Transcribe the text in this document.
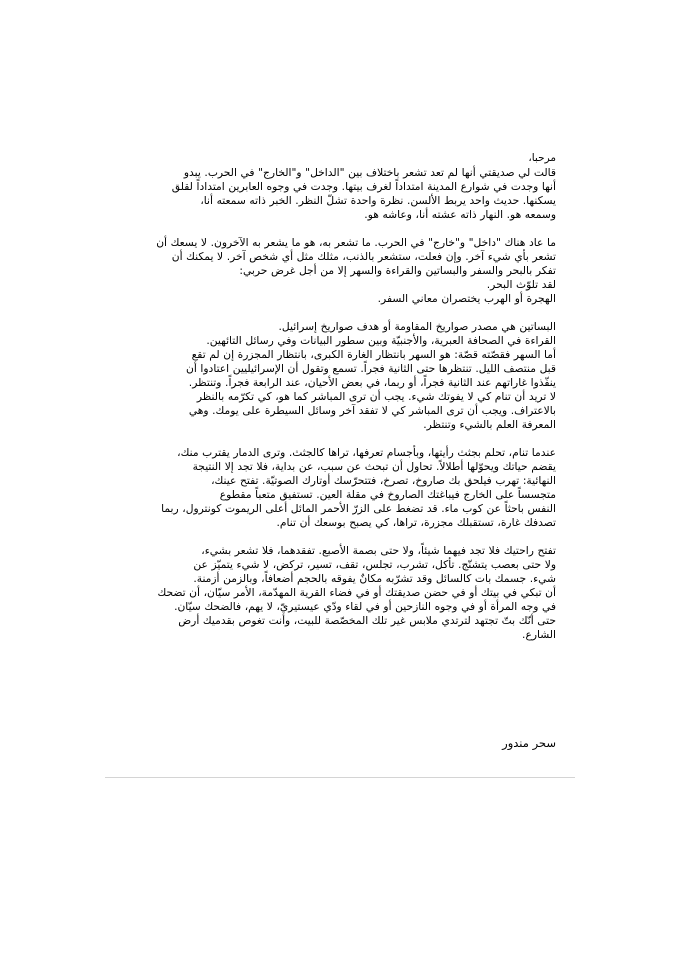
مرحبا،

قالت لي صديقتي أنها لم تعد تشعر باختلاف بين "الداخل" و"الخارج" في الحرب. يبدو
أنها وجدت في شوارع المدينة امتداداً لغرف بيتها. وجدت في وجوه العابرين امتداداً لقلق
يسكنها. حديث واحد يربط الألسن. نظرة واحدة تشلّ النظر. الخبر ذاته سمعته أنا،
وسمعه هو. النهار ذاته عشته أنا، وعاشه هو.
ما عاد هناك "داخل" و"خارج" في الحرب. ما تشعر به، هو ما يشعر به الآخرون. لا يسعك أن
تشعر بأي شيء آخر. وإن فعلت، ستشعر بالذنب، مثلك مثل أي شخص آخر. لا يمكنك أن
تفكر بالبحر والسفر والبساتين والقراءة والسهر إلا من أجل غرض حربي:
لقد تلوّث البحر.
الهجرة أو الهرب يختصران معاني السفر.
البساتين هي مصدر صواريخ المقاومة أو هدف صواريخ إسرائيل.
القراءة في الصحافة العبرية، والأجنبيّة وبين سطور البيانات وفي رسائل التائهين.
أما السهر فقصّته قصّة: هو السهر بانتظار الغارة الكبرى، بانتظار المجزرة إن لم تقع
قبل منتصف الليل. تنتظرها حتى الثانية فجراً. تسمع وتقول أن الإسرائيليين اعتادوا أن
ينفّذوا غاراتهم عند الثانية فجراً، أو ربما، في بعض الأحيان، عند الرابعة فجراً. وتنتظر.
لا تريد أن تنام كي لا يفوتك شيء. يجب أن ترى المباشر كما هو، كي تكرّمه بالنظر
بالاعتراف. ويجب أن ترى المباشر كي لا تفقد آخر وسائل السيطرة على يومك. وهي
المعرفة العلم بالشيء وتنتظر.
عندما تنام، تحلم بجثث رأيتها، وبأجسام تعرفها، تراها كالجثث. وترى الدمار يقترب منك،
يقضم حياتك ويحوّلها أطلالاً. تحاول أن تبحث عن سبب، عن بداية، فلا تجد إلا النتيجة
النهائية: تهرب فيلحق بك صاروخ، تصرخ، فتتحرّسك أوتارك الصوتيّة. تفتح عينك،
متجسساً على الخارج فيباغتك الصاروخ في مقلة العين. تستفيق متعباً مقطوع
النفس باحثاً عن كوب ماء. قد تضغط على الزرّ الأحمر المائل أعلى الريموت كونترول، ربما
تصدفك غارة، تستقبلك مجزرة، تراها، كي يصبح بوسعك أن تنام.
تفتح راحتيك فلا تجد فيهما شيئاً، ولا حتى بصمة الأصبع. تفقدهما، فلا تشعر بشيء،
ولا حتى بعصب يتشنّج. تأكل، تشرب، تجلس، تقف، تسير، تركض، لا شيء يتميّز عن
شيء. جسمك بات كالسائل وقد تشرّبه مكانٌ يفوقه بالحجم أضعافاً، وبالزمن أزمنة.
أن تبكي في بيتك أو في حضن صديقتك أو في فضاء القرية المهدّمة، الأمر سيّان، أن تضحك
في وجه المرأة أو في وجوه النازحين أو في لقاء ودّي عيستيريّ، لا يهم، فالضحك سيّان.
حتى أنّك بتّ تجتهد لترتدي ملابس غير تلك المخصّصة للبيت، وأنت تغوص بقدميك أرض
الشارع.

سحر مندور
